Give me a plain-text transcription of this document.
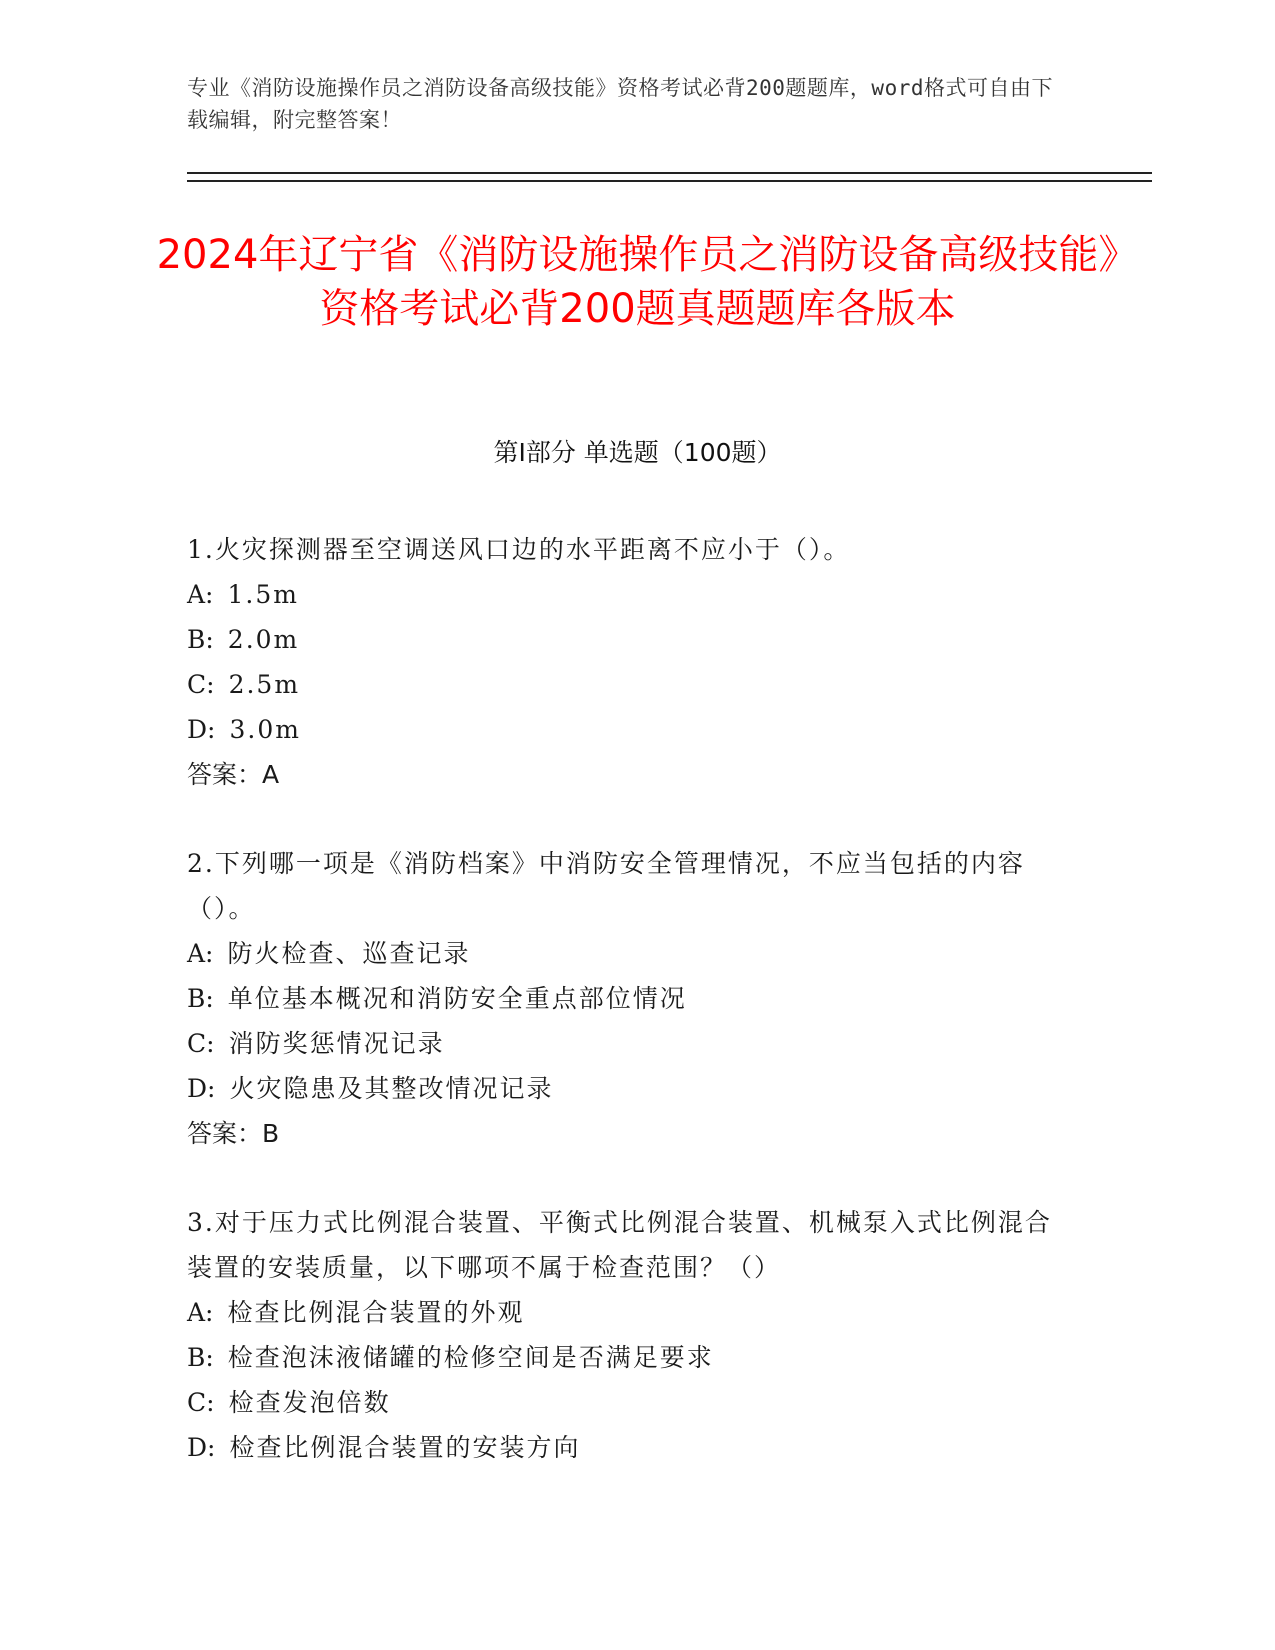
专业《消防设施操作员之消防设备高级技能》资格考试必背200题题库，word格式可自由下载编辑，附完整答案！
2024年辽宁省《消防设施操作员之消防设备高级技能》资格考试必背200题真题题库各版本
第I部分 单选题（100题）
1.火灾探测器至空调送风口边的水平距离不应小于（）。
A: 1.5m
B: 2.0m
C: 2.5m
D: 3.0m
答案：A
2.下列哪一项是《消防档案》中消防安全管理情况，不应当包括的内容（）。
A: 防火检查、巡查记录
B: 单位基本概况和消防安全重点部位情况
C: 消防奖惩情况记录
D: 火灾隐患及其整改情况记录
答案：B
3.对于压力式比例混合装置、平衡式比例混合装置、机械泵入式比例混合装置的安装质量，以下哪项不属于检查范围？（）
A: 检查比例混合装置的外观
B: 检查泡沫液储罐的检修空间是否满足要求
C: 检查发泡倍数
D: 检查比例混合装置的安装方向
